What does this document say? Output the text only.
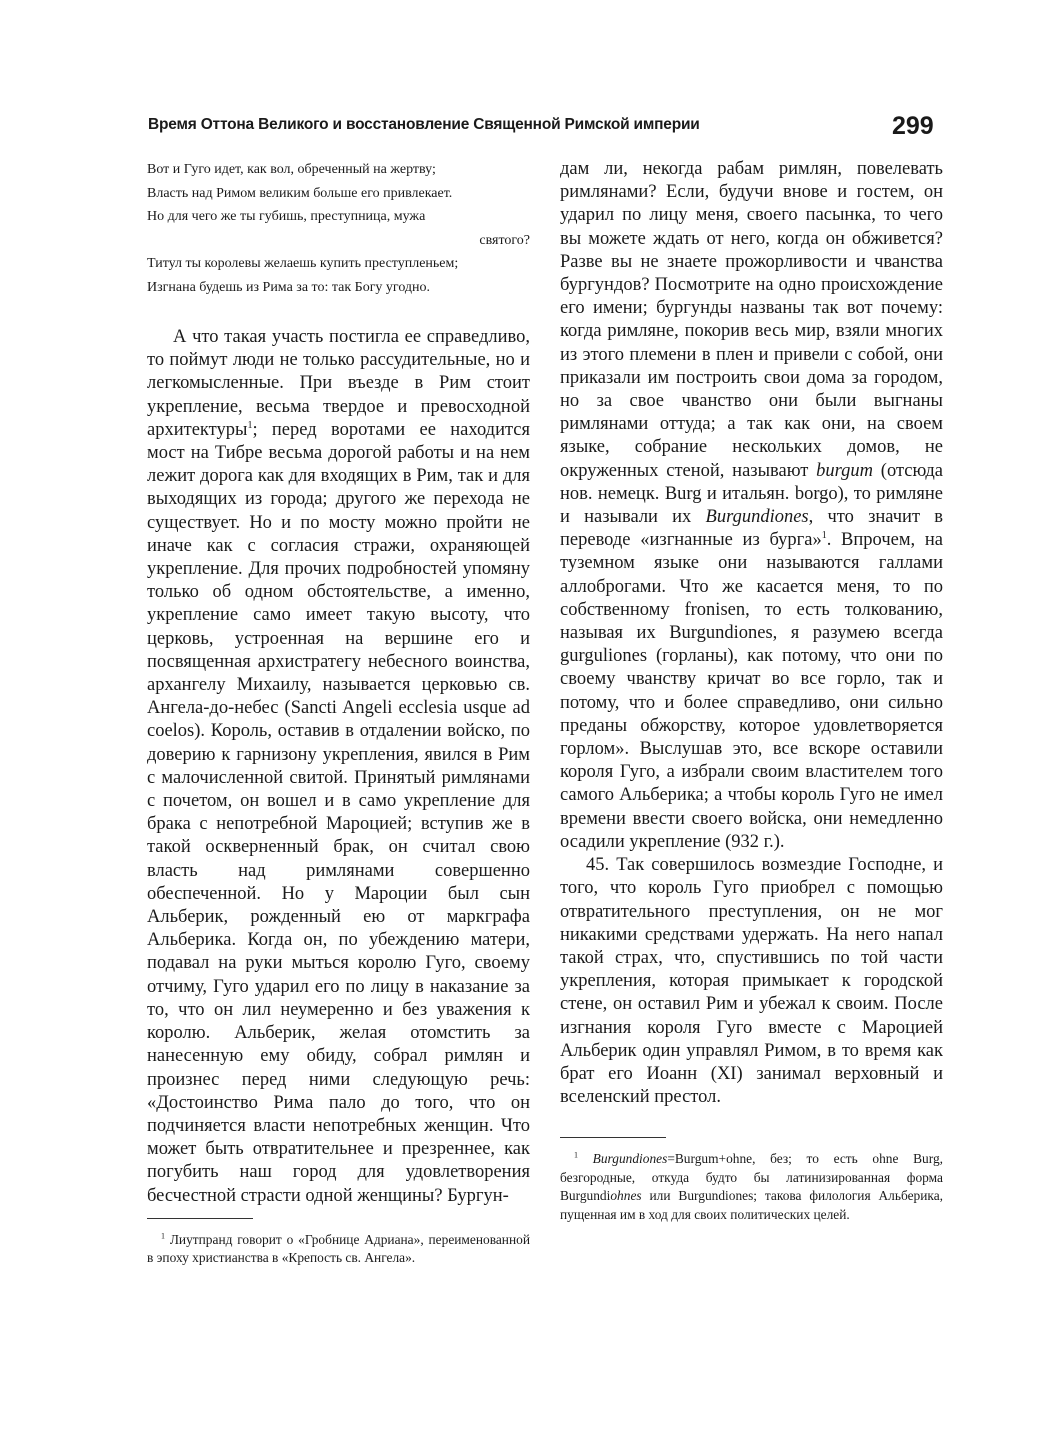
Время Оттона Великого и восстановление Священной Римской империи	299
Вот и Гуго идет, как вол, обреченный на жертву;
Власть над Римом великим больше его привлекает.
Но для чего же ты губишь, преступница, мужа
святого?
Титул ты королевы желаешь купить преступленьем;
Изгнана будешь из Рима за то: так Богу угодно.

А что такая участь постигла ее справедливо, то поймут люди не только рассудительные, но и легкомысленные. При въезде в Рим стоит укрепление, весьма твердое и превосходной архитектуры$^1$; перед воротами ее находится мост на Тибре весьма дорогой работы и на нем лежит дорога как для входящих в Рим, так и для выходящих из города; другого же перехода не существует. Но и по мосту можно пройти не иначе как с согласия стражи, охраняющей укрепление. Для прочих подробностей упомяну только об одном обстоятельстве, а именно, укрепление само имеет такую высоту, что церковь, устроенная на вершине его и посвященная архистратегу небесного воинства, архангелу Михаилу, называется церковью св. Ангела-до-небес (Sancti Angeli ecclesia usque ad coelos). Король, оставив в отдалении войско, по доверию к гарнизону укрепления, явился в Рим с малочисленной свитой. Принятый римлянами с почетом, он вошел и в само укрепление для брака с непотребной Мароцией; вступив же в такой оскверненный брак, он считал свою власть над римлянами совершенно обеспеченной. Но у Мароции был сын Альберик, рожденный ею от маркграфа Альберика. Когда он, по убеждению матери, подавал на руки мыться королю Гуго, своему отчиму, Гуго ударил его по лицу в наказание за то, что он лил неумеренно и без уважения к королю. Альберик, желая отомстить за нанесенную ему обиду, собрал римлян и произнес перед ними следующую речь: «Достоинство Рима пало до того, что он подчиняется власти непотребных женщин. Что может быть отвратительнее и презреннее, как погубить наш город для удовлетворения бесчестной страсти одной женщины? Бургун-

$^1$ Лиутпранд говорит о «Гробнице Адриана», переименованной в эпоху христианства в «Крепость св. Ангела».

дам ли, некогда рабам римлян, повелевать римлянами? Если, будучи внове и гостем, он ударил по лицу меня, своего пасынка, то чего вы можете ждать от него, когда он обживется? Разве вы не знаете прожорливости и чванства бургундов? Посмотрите на одно происхождение его имени; бургунды названы так вот почему: когда римляне, покорив весь мир, взяли многих из этого племени в плен и привели с собой, они приказали им построить свои дома за городом, но за свое чванство они были выгнаны римлянами оттуда; а так как они, на своем языке, собрание нескольких домов, не окруженных стеной, называют burgum (отсюда нов. немецк. Burg и итальян. borgo), то римляне и называли их Burgundiones, что значит в переводе «изгнанные из бурга»$^1$. Впрочем, на туземном языке они называются галлами аллоброгами. Что же касается меня, то по собственному fronisen, то есть толкованию, называя их Burgundiones, я разумею всегда gurguliones (горланы), как потому, что они по своему чванству кричат во все горло, так и потому, что и более справедливо, они сильно преданы обжорству, которое удовлетворяется горлом». Выслушав это, все вскоре оставили короля Гуго, а избрали своим властителем того самого Альберика; а чтобы король Гуго не имел времени ввести своего войска, они немедленно осадили укрепление (932 г.).

45. Так совершилось возмездие Господне, и того, что король Гуго приобрел с помощью отвратительного преступления, он не мог никакими средствами удержать. На него напал такой страх, что, спустившись по той части укрепления, которая примыкает к городской стене, он оставил Рим и убежал к своим. После изгнания короля Гуго вместе с Мароцией Альберик один управлял Римом, в то время как брат его Иоанн (XI) занимал верховный и вселенский престол.

$^1$ Burgundiones=Burgum+ohne, без; то есть ohne Burg, безгородные, откуда будто бы латинизированная форма Burgundiohnes или Burgundiones; такова филология Альберика, пущенная им в ход для своих политических целей.
